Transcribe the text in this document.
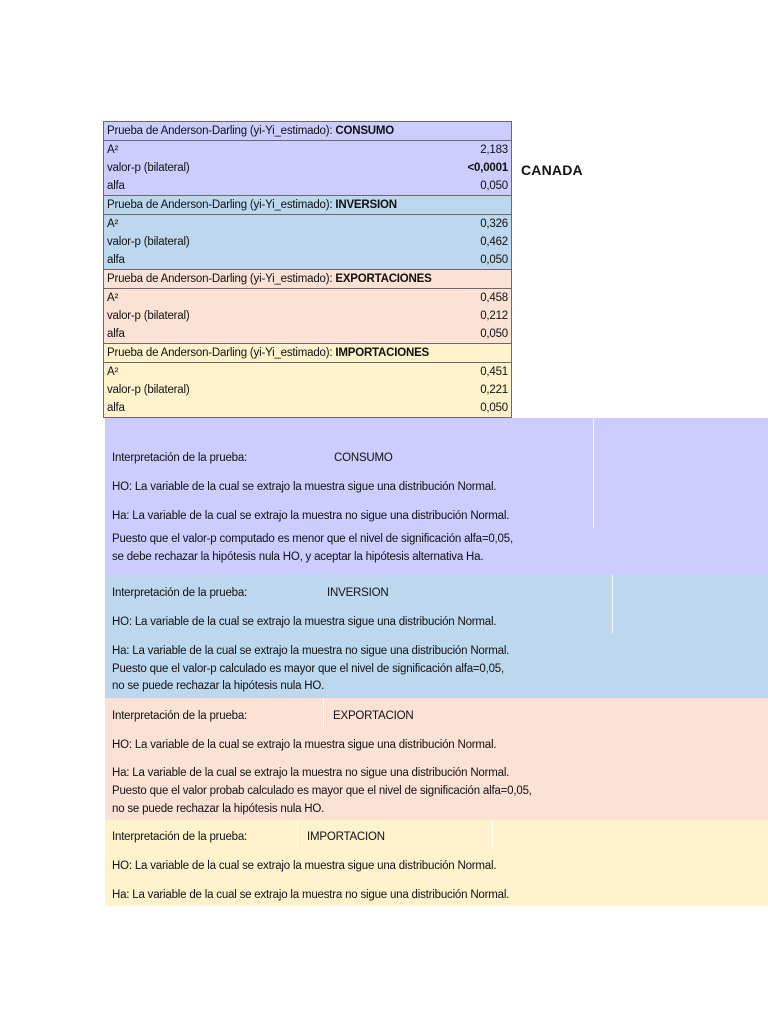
CANADA
Prueba de Anderson-Darling (yi-Yi_estimado): CONSUMO
A²	2,183
valor-p (bilateral)	<0,0001
alfa	0,050
Prueba de Anderson-Darling (yi-Yi_estimado): INVERSION
A²	0,326
valor-p (bilateral)	0,462
alfa	0,050
Prueba de Anderson-Darling (yi-Yi_estimado): EXPORTACIONES
A²	0,458
valor-p (bilateral)	0,212
alfa	0,050
Prueba de Anderson-Darling (yi-Yi_estimado): IMPORTACIONES
A²	0,451
valor-p (bilateral)	0,221
alfa	0,050
Interpretación de la prueba:	CONSUMO
HO: La variable de la cual se extrajo la muestra sigue una distribución Normal.
Ha: La variable de la cual se extrajo la muestra no sigue una distribución Normal.
Puesto que el valor-p computado es menor que el nivel de significación alfa=0,05,
se debe rechazar la hipótesis nula HO, y aceptar la hipótesis alternativa Ha.
Interpretación de la prueba:	INVERSION
HO: La variable de la cual se extrajo la muestra sigue una distribución Normal.
Ha: La variable de la cual se extrajo la muestra no sigue una distribución Normal.
Puesto que el valor-p calculado es mayor que el nivel de significación alfa=0,05,
no se puede rechazar la hipótesis nula HO.
Interpretación de la prueba:	EXPORTACION
HO: La variable de la cual se extrajo la muestra sigue una distribución Normal.
Ha: La variable de la cual se extrajo la muestra no sigue una distribución Normal.
Puesto que el valor probab calculado es mayor que el nivel de significación alfa=0,05,
no se puede rechazar la hipótesis nula HO.
Interpretación de la prueba:	IMPORTACION
HO: La variable de la cual se extrajo la muestra sigue una distribución Normal.
Ha: La variable de la cual se extrajo la muestra no sigue una distribución Normal.
